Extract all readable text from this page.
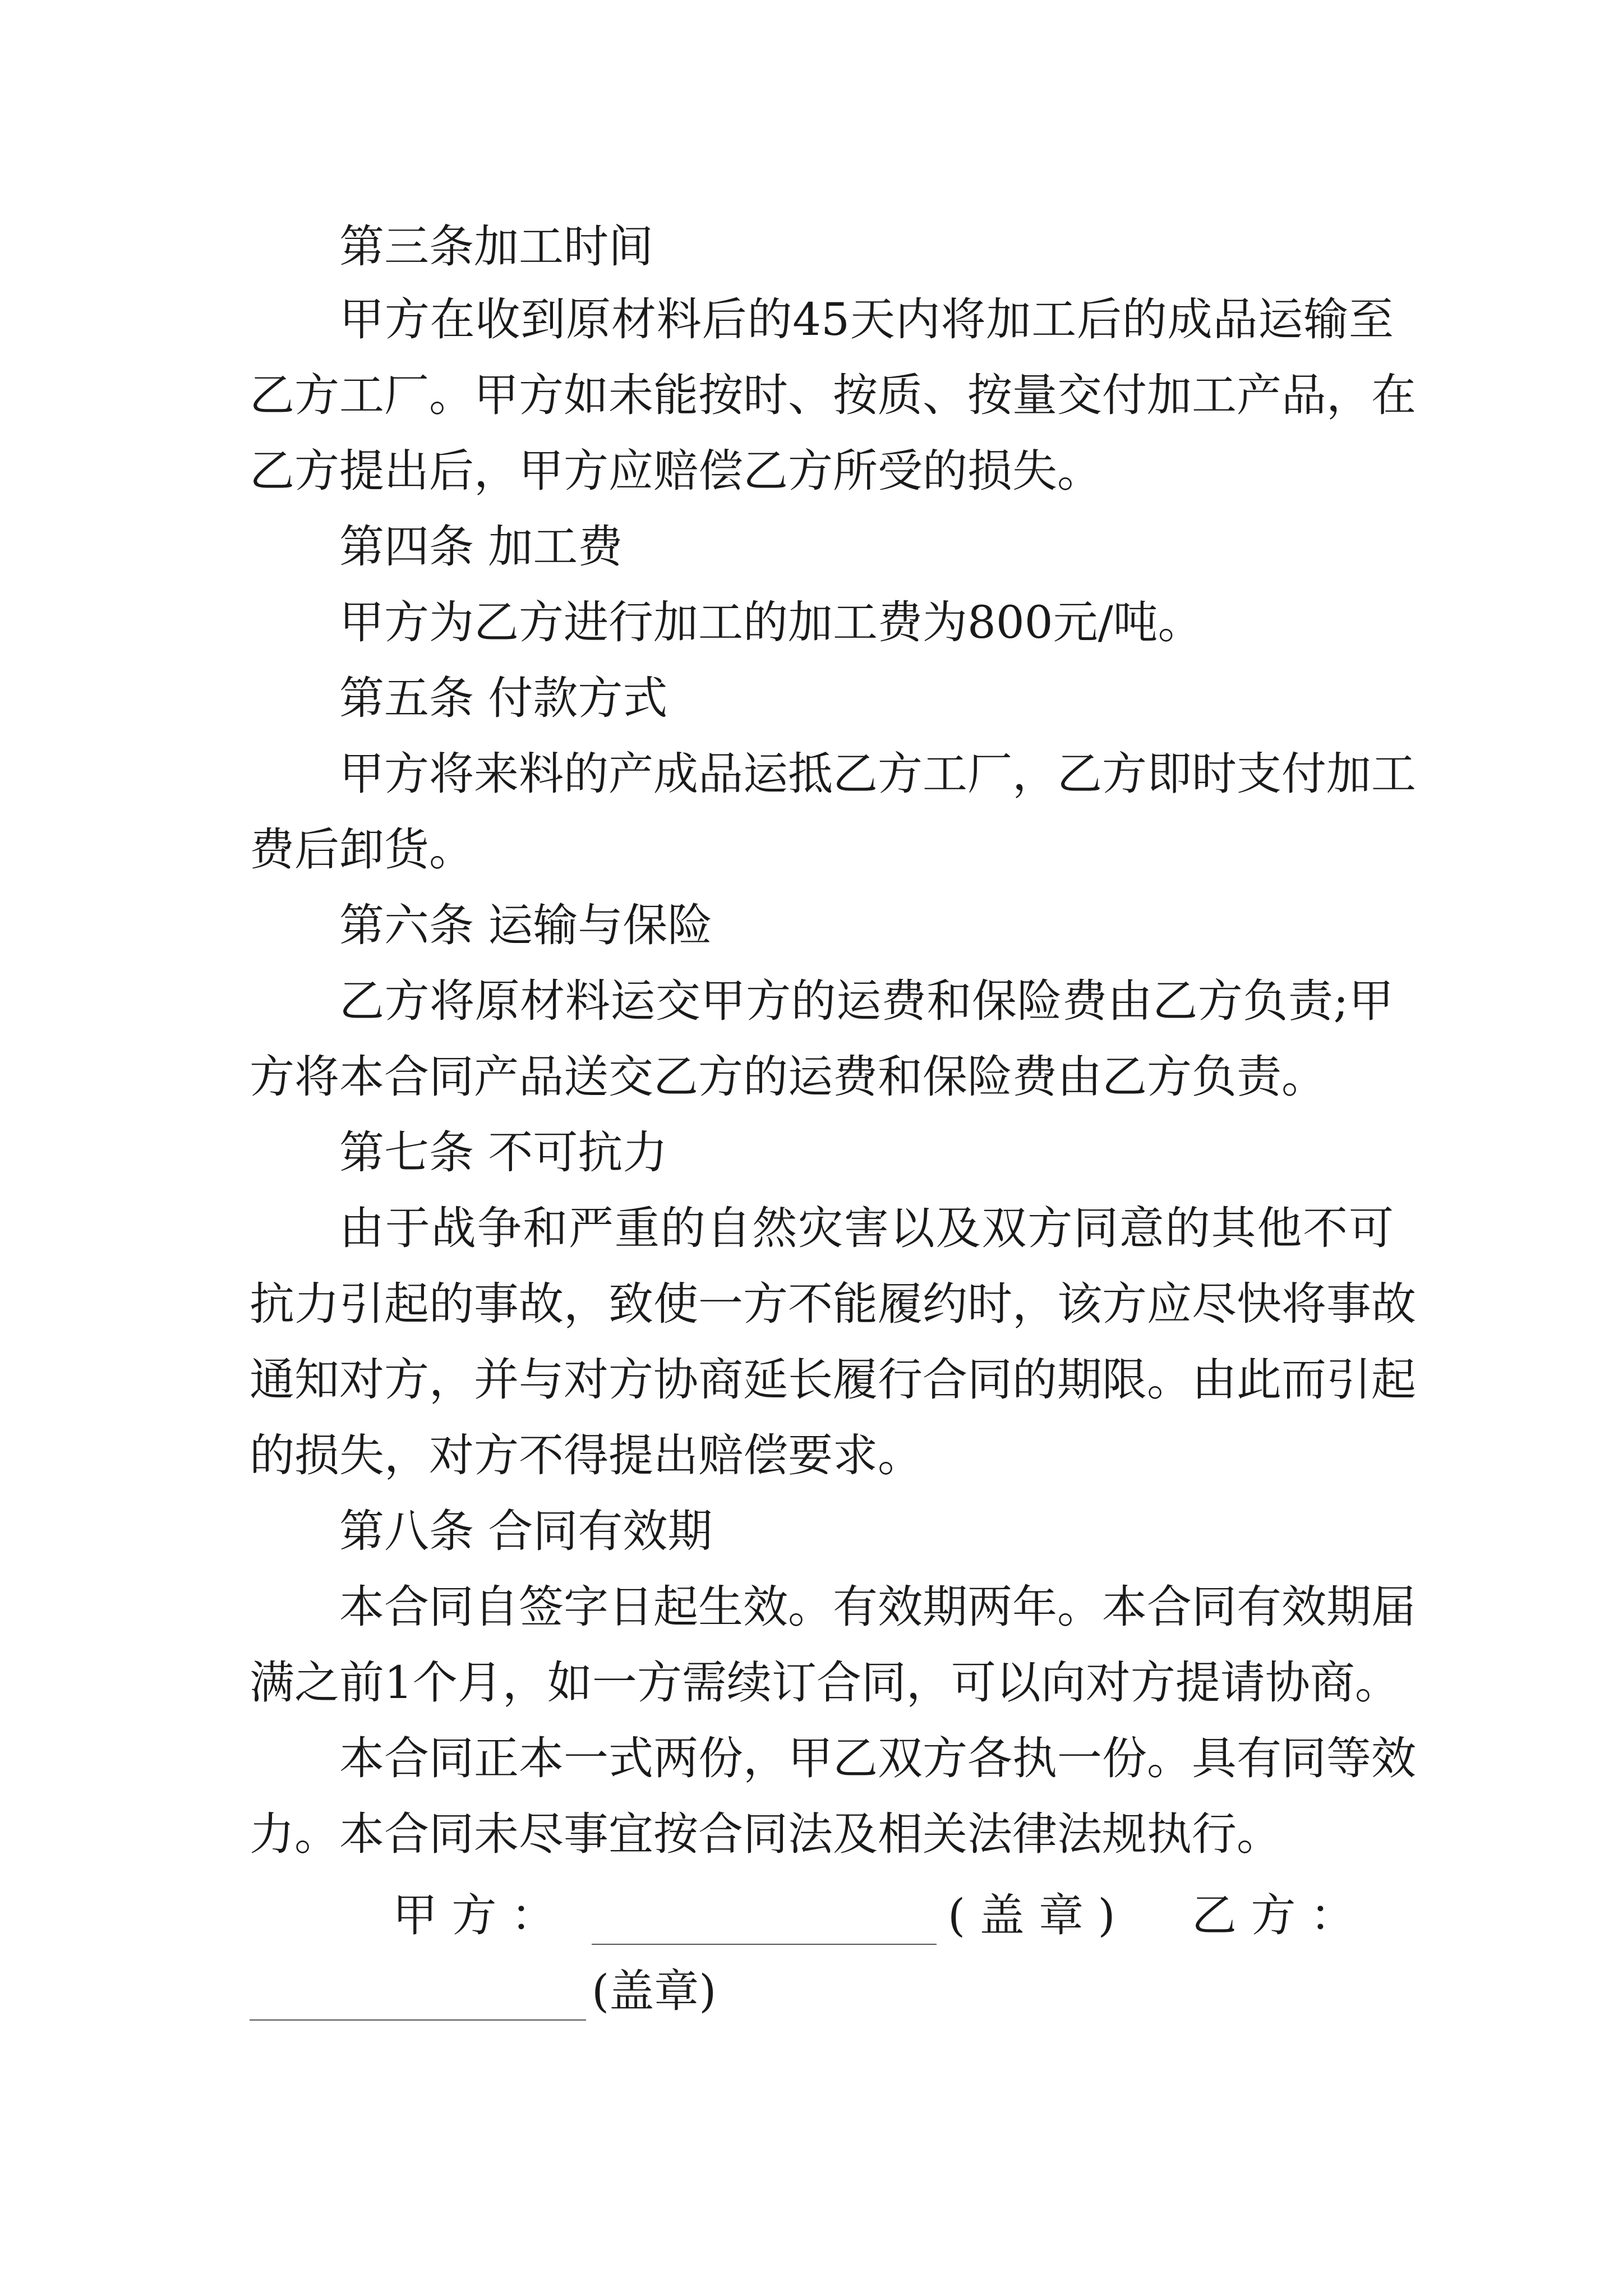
第三条加工时间
甲方在收到原材料后的45天内将加工后的成品运输至
乙方工厂。甲方如未能按时、按质、按量交付加工产品，在
乙方提出后，甲方应赔偿乙方所受的损失。
第四条 加工费
甲方为乙方进行加工的加工费为800元/吨。
第五条 付款方式
甲方将来料的产成品运抵乙方工厂，乙方即时支付加工
费后卸货。
第六条 运输与保险
乙方将原材料运交甲方的运费和保险费由乙方负责;甲
方将本合同产品送交乙方的运费和保险费由乙方负责。
第七条 不可抗力
由于战争和严重的自然灾害以及双方同意的其他不可
抗力引起的事故，致使一方不能履约时，该方应尽快将事故
通知对方，并与对方协商延长履行合同的期限。由此而引起
的损失，对方不得提出赔偿要求。
第八条 合同有效期
本合同自签字日起生效。有效期两年。本合同有效期届
满之前1个月，如一方需续订合同，可以向对方提请协商。
本合同正本一式两份，甲乙双方各执一份。具有同等效
力。本合同未尽事宜按合同法及相关法律法规执行。
甲 方 ：	( 盖 章 ) 乙 方 ：
(盖章)
